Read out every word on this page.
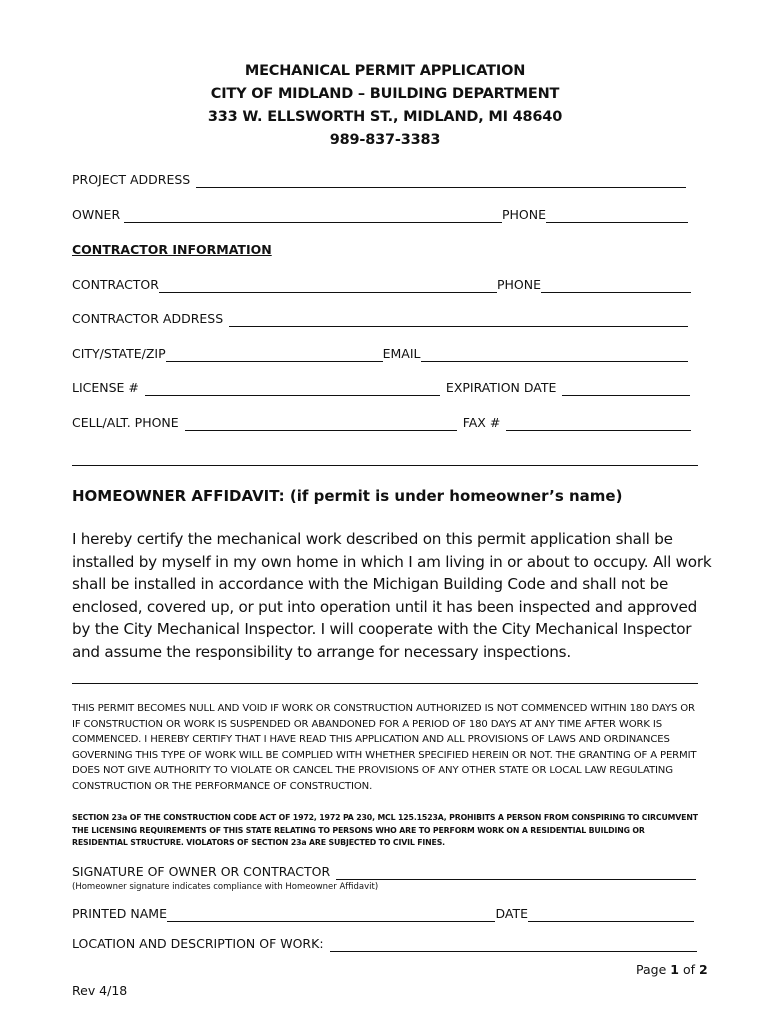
MECHANICAL PERMIT APPLICATION
CITY OF MIDLAND – BUILDING DEPARTMENT
333 W. ELLSWORTH ST., MIDLAND, MI 48640
989-837-3383
PROJECT ADDRESS
OWNER	PHONE
CONTRACTOR INFORMATION
CONTRACTOR	PHONE
CONTRACTOR ADDRESS
CITY/STATE/ZIP	EMAIL
LICENSE #	EXPIRATION DATE
CELL/ALT. PHONE	FAX #
HOMEOWNER AFFIDAVIT: (if permit is under homeowner’s name)
I hereby certify the mechanical work described on this permit application shall be installed by myself in my own home in which I am living in or about to occupy. All work shall be installed in accordance with the Michigan Building Code and shall not be enclosed, covered up, or put into operation until it has been inspected and approved by the City Mechanical Inspector. I will cooperate with the City Mechanical Inspector and assume the responsibility to arrange for necessary inspections.
THIS PERMIT BECOMES NULL AND VOID IF WORK OR CONSTRUCTION AUTHORIZED IS NOT COMMENCED WITHIN 180 DAYS OR IF CONSTRUCTION OR WORK IS SUSPENDED OR ABANDONED FOR A PERIOD OF 180 DAYS AT ANY TIME AFTER WORK IS COMMENCED. I HEREBY CERTIFY THAT I HAVE READ THIS APPLICATION AND ALL PROVISIONS OF LAWS AND ORDINANCES GOVERNING THIS TYPE OF WORK WILL BE COMPLIED WITH WHETHER SPECIFIED HEREIN OR NOT. THE GRANTING OF A PERMIT DOES NOT GIVE AUTHORITY TO VIOLATE OR CANCEL THE PROVISIONS OF ANY OTHER STATE OR LOCAL LAW REGULATING CONSTRUCTION OR THE PERFORMANCE OF CONSTRUCTION.
SECTION 23a OF THE CONSTRUCTION CODE ACT OF 1972, 1972 PA 230, MCL 125.1523A, PROHIBITS A PERSON FROM CONSPIRING TO CIRCUMVENT THE LICENSING REQUIREMENTS OF THIS STATE RELATING TO PERSONS WHO ARE TO PERFORM WORK ON A RESIDENTIAL BUILDING OR RESIDENTIAL STRUCTURE. VIOLATORS OF SECTION 23a ARE SUBJECTED TO CIVIL FINES.
SIGNATURE OF OWNER OR CONTRACTOR
(Homeowner signature indicates compliance with Homeowner Affidavit)
PRINTED NAME	DATE
LOCATION AND DESCRIPTION OF WORK:
Page 1 of 2
Rev 4/18
